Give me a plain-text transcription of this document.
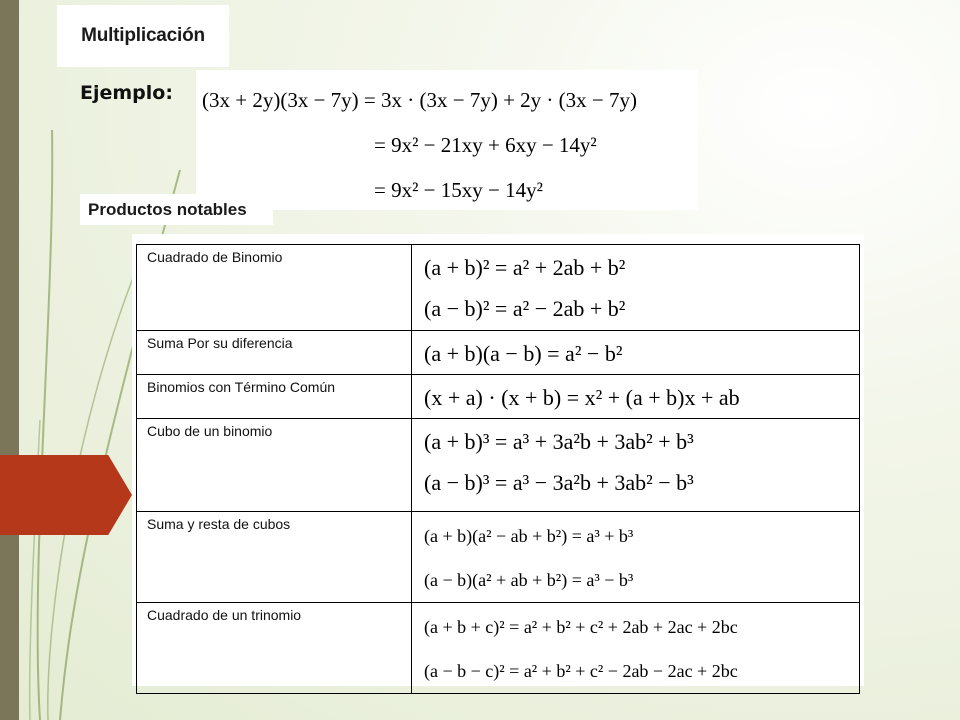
Multiplicación
Ejemplo: (3x + 2y)(3x − 7y) = 3x · (3x − 7y) + 2y · (3x − 7y)
= 9x² − 21xy + 6xy − 14y²
= 9x² − 15xy − 14y²
Productos notables
Cuadrado de Binomio	(a + b)² = a² + 2ab + b²
(a − b)² = a² − 2ab + b²

Suma Por su diferencia	(a + b)(a − b) = a² − b²

Binomios con Término Común	(x + a) · (x + b) = x² + (a + b)x + ab

Cubo de un binomio	(a + b)³ = a³ + 3a²b + 3ab² + b³
(a − b)³ = a³ − 3a²b + 3ab² − b³

Suma y resta de cubos	(a + b)(a² − ab + b²) = a³ + b³
(a − b)(a² + ab + b²) = a³ − b³

Cuadrado de un trinomio	(a + b + c)² = a² + b² + c² + 2ab + 2ac + 2bc
(a − b − c)² = a² + b² + c² − 2ab − 2ac + 2bc
